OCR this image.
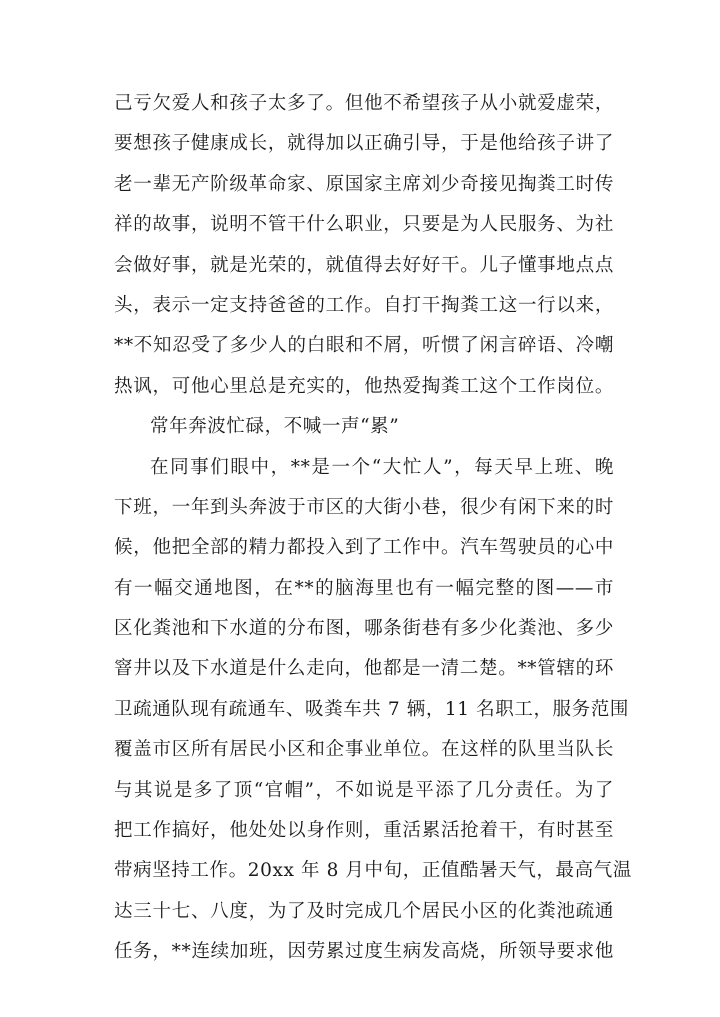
己亏欠爱人和孩子太多了。但他不希望孩子从小就爱虚荣，
要想孩子健康成长，就得加以正确引导，于是他给孩子讲了
老一辈无产阶级革命家、原国家主席刘少奇接见掏粪工时传
祥的故事，说明不管干什么职业，只要是为人民服务、为社
会做好事，就是光荣的，就值得去好好干。儿子懂事地点点
头，表示一定支持爸爸的工作。自打干掏粪工这一行以来，
**不知忍受了多少人的白眼和不屑，听惯了闲言碎语、冷嘲
热讽，可他心里总是充实的，他热爱掏粪工这个工作岗位。
常年奔波忙碌，不喊一声“累”
在同事们眼中，**是一个“大忙人”，每天早上班、晚
下班，一年到头奔波于市区的大街小巷，很少有闲下来的时
候，他把全部的精力都投入到了工作中。汽车驾驶员的心中
有一幅交通地图，在**的脑海里也有一幅完整的图——市
区化粪池和下水道的分布图，哪条街巷有多少化粪池、多少
窨井以及下水道是什么走向，他都是一清二楚。**管辖的环
卫疏通队现有疏通车、吸粪车共 7 辆，11 名职工，服务范围
覆盖市区所有居民小区和企事业单位。在这样的队里当队长
与其说是多了顶“官帽”，不如说是平添了几分责任。为了
把工作搞好，他处处以身作则，重活累活抢着干，有时甚至
带病坚持工作。20xx 年 8 月中旬，正值酷暑天气，最高气温
达三十七、八度，为了及时完成几个居民小区的化粪池疏通
任务，**连续加班，因劳累过度生病发高烧，所领导要求他
